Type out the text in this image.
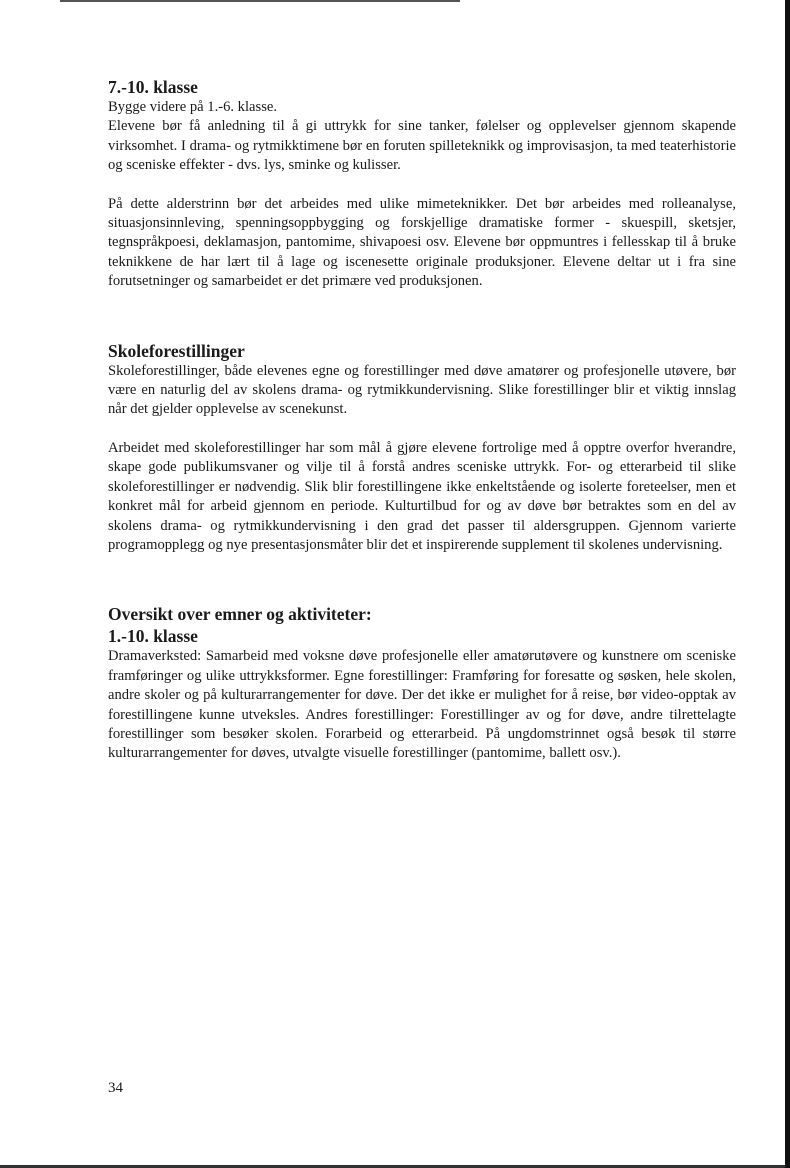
7.-10. klasse

Bygge videre på 1.-6. klasse.

Elevene bør få anledning til å gi uttrykk for sine tanker, følelser og opplevelser gjennom skapende virksomhet. I drama- og rytmikktimene bør en foruten spilleteknikk og improvisasjon, ta med teaterhistorie og sceniske effekter - dvs. lys, sminke og kulisser.

På dette alderstrinn bør det arbeides med ulike mimeteknikker. Det bør arbeides med rolleanalyse, situasjonsinnleving, spenningsoppbygging og forskjellige dramatiske former - skuespill, sketsjer, tegnspråkpoesi, deklamasjon, pantomime, shivapoesi osv. Elevene bør oppmuntres i fellesskap til å bruke teknikkene de har lært til å lage og iscenesette originale produksjoner. Elevene deltar ut i fra sine forutsetninger og samarbeidet er det primære ved produksjonen.

Skoleforestillinger

Skoleforestillinger, både elevenes egne og forestillinger med døve amatører og profesjonelle utøvere, bør være en naturlig del av skolens drama- og rytmikkundervisning. Slike forestillinger blir et viktig innslag når det gjelder opplevelse av scenekunst.

Arbeidet med skoleforestillinger har som mål å gjøre elevene fortrolige med å opptre overfor hverandre, skape gode publikumsvaner og vilje til å forstå andres sceniske uttrykk. For- og etterarbeid til slike skoleforestillinger er nødvendig. Slik blir forestillingene ikke enkeltstående og isolerte foreteelser, men et konkret mål for arbeid gjennom en periode. Kulturtilbud for og av døve bør betraktes som en del av skolens drama- og rytmikkundervisning i den grad det passer til aldersgruppen. Gjennom varierte programopplegg og nye presentasjonsmåter blir det et inspirerende supplement til skolenes undervisning.

Oversikt over emner og aktiviteter:
1.-10. klasse

Dramaverksted: Samarbeid med voksne døve profesjonelle eller amatørutøvere og kunstnere om sceniske framføringer og ulike uttrykksformer. Egne forestillinger: Framføring for foresatte og søsken, hele skolen, andre skoler og på kulturarrangementer for døve. Der det ikke er mulighet for å reise, bør video-opptak av forestillingene kunne utveksles. Andres forestillinger: Forestillinger av og for døve, andre tilrettelagte forestillinger som besøker skolen. Forarbeid og etterarbeid. På ungdomstrinnet også besøk til større kulturarrangementer for døves, utvalgte visuelle forestillinger (pantomime, ballett osv.).

34
